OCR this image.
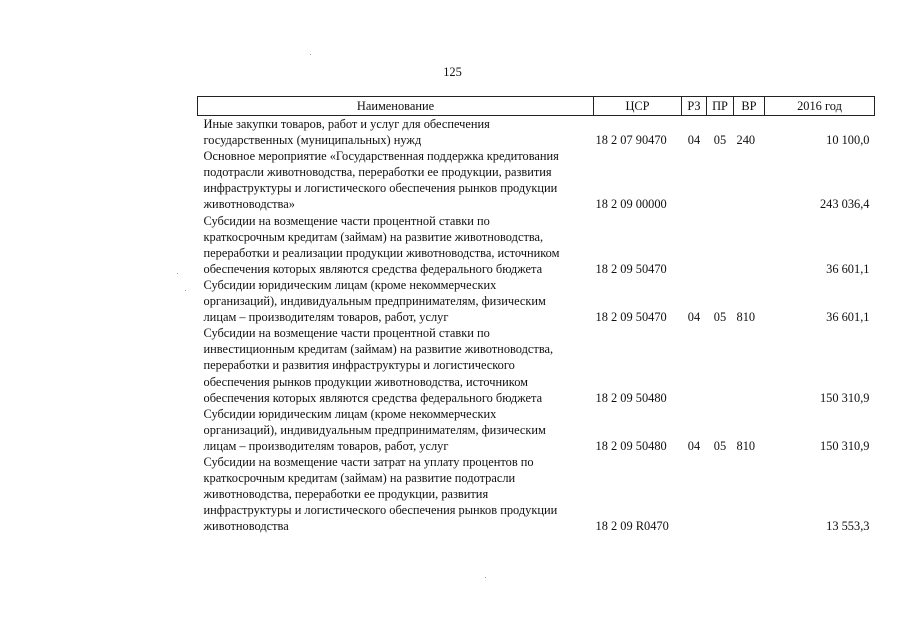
125
Наименование	ЦСР	РЗ	ПР	ВР	2016 год

Иные закупки товаров, работ и услуг для обеспечения
государственных (муниципальных) нужд	18 2 07 90470	04	05	240	10 100,0

Основное мероприятие «Государственная поддержка кредитования
подотрасли животноводства, переработки ее продукции, развития
инфраструктуры и логистического обеспечения рынков продукции
животноводства»	18 2 09 00000				243 036,4

Субсидии на возмещение части процентной ставки по
краткосрочным кредитам (займам) на развитие животноводства,
переработки и реализации продукции животноводства, источником
обеспечения которых являются средства федерального бюджета	18 2 09 50470				36 601,1

Субсидии юридическим лицам (кроме некоммерческих
организаций), индивидуальным предпринимателям, физическим
лицам – производителям товаров, работ, услуг	18 2 09 50470	04	05	810	36 601,1

Субсидии на возмещение части процентной ставки по
инвестиционным кредитам (займам) на развитие животноводства,
переработки и развития инфраструктуры и логистического
обеспечения рынков продукции животноводства, источником
обеспечения которых являются средства федерального бюджета	18 2 09 50480				150 310,9

Субсидии юридическим лицам (кроме некоммерческих
организаций), индивидуальным предпринимателям, физическим
лицам – производителям товаров, работ, услуг	18 2 09 50480	04	05	810	150 310,9

Субсидии на возмещение части затрат на уплату процентов по
краткосрочным кредитам (займам) на развитие подотрасли
животноводства, переработки ее продукции, развития
инфраструктуры и логистического обеспечения рынков продукции
животноводства	18 2 09 R0470				13 553,3
